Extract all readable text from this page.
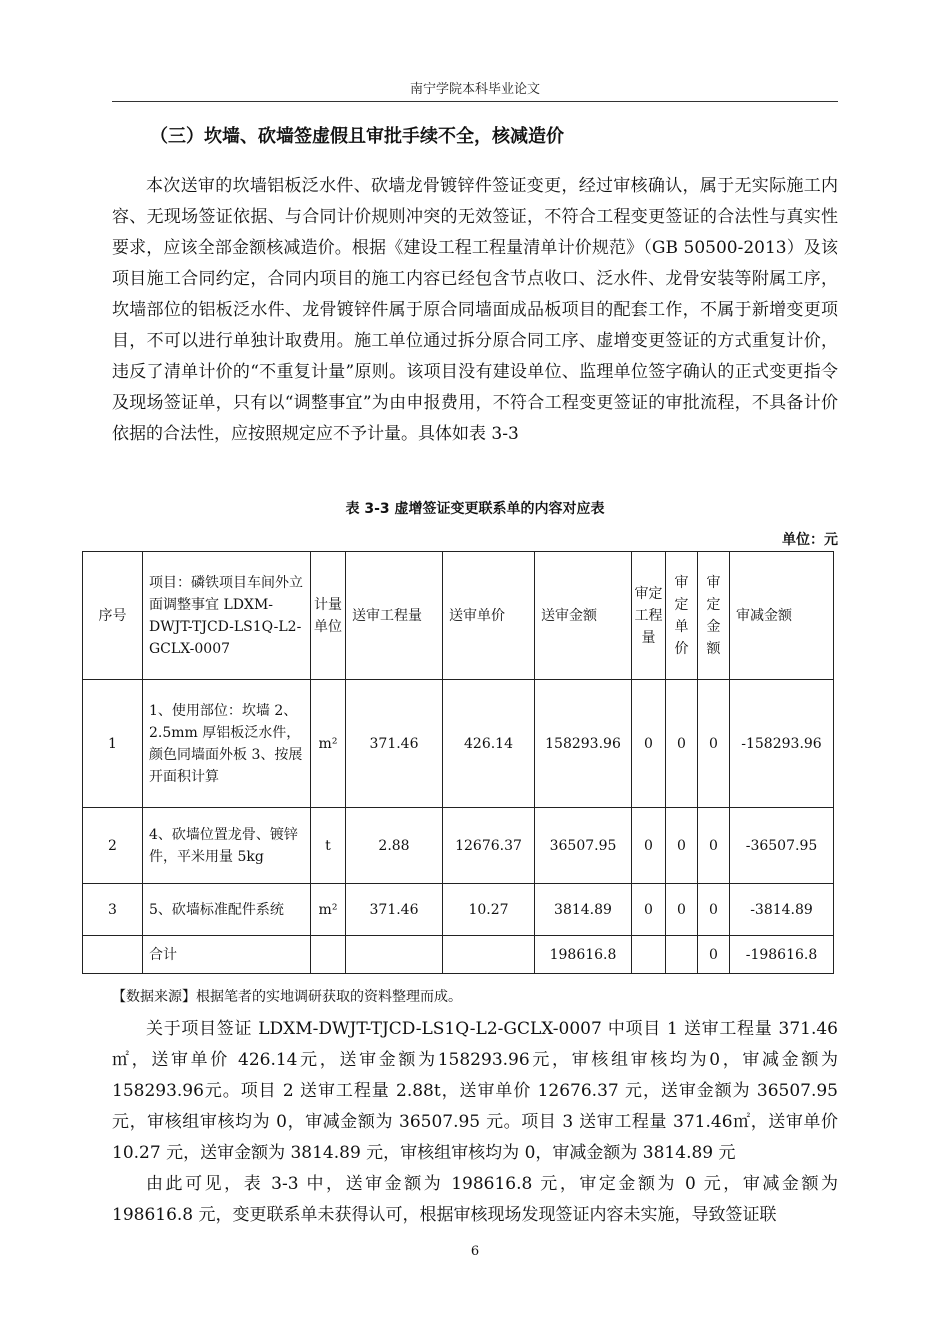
南宁学院本科毕业论文
（三）坎墙、砍墙签虚假且审批手续不全，核减造价

本次送审的坎墙铝板泛水件、砍墙龙骨镀锌件签证变更，经过审核确认，属于无实际施工内容、无现场签证依据、与合同计价规则冲突的无效签证，不符合工程变更签证的合法性与真实性要求，应该全部金额核减造价。根据《建设工程工程量清单计价规范》（GB 50500-2013）及该项目施工合同约定，合同内项目的施工内容已经包含节点收口、泛水件、龙骨安装等附属工序，坎墙部位的铝板泛水件、龙骨镀锌件属于原合同墙面成品板项目的配套工作，不属于新增变更项目，不可以进行单独计取费用。施工单位通过拆分原合同工序、虚增变更签证的方式重复计价，违反了清单计价的“不重复计量”原则。该项目没有建设单位、监理单位签字确认的正式变更指令及现场签证单，只有以“调整事宜”为由申报费用，不符合工程变更签证的审批流程，不具备计价依据的合法性，应按照规定应不予计量。具体如表 3-3

表 3-3 虚增签证变更联系单的内容对应表
单位：元
序号	项目：磷铁项目车间外立面调整事宜 LDXM-DWJT-TJCD-LS1Q-L2-GCLX-0007	计量单位	送审工程量	送审单价	送审金额	审定工程量	审定单价	审定金额	审减金额
1	1、使用部位：坎墙 2、2.5mm 厚铝板泛水件，颜色同墙面外板 3、按展开面积计算	m²	371.46	426.14	158293.96	0	0	0	-158293.96
2	4、砍墙位置龙骨、镀锌件，平米用量 5kg	t	2.88	12676.37	36507.95	0	0	0	-36507.95
3	5、砍墙标准配件系统	m²	371.46	10.27	3814.89	0	0	0	-3814.89
	合计				198616.8			0	-198616.8
【数据来源】根据笔者的实地调研获取的资料整理而成。

关于项目签证 LDXM-DWJT-TJCD-LS1Q-L2-GCLX-0007 中项目 1 送审工程量 371.46㎡，送审单价 426.14元，送审金额为158293.96元，审核组审核均为0，审减金额为158293.96元。项目 2 送审工程量 2.88t，送审单价 12676.37 元，送审金额为 36507.95 元，审核组审核均为 0，审减金额为 36507.95 元。项目 3 送审工程量 371.46㎡，送审单价 10.27 元，送审金额为 3814.89 元，审核组审核均为 0，审减金额为 3814.89 元

由此可见，表 3-3 中，送审金额为 198616.8 元，审定金额为 0 元，审减金额为 198616.8 元，变更联系单未获得认可，根据审核现场发现签证内容未实施，导致签证联

6
